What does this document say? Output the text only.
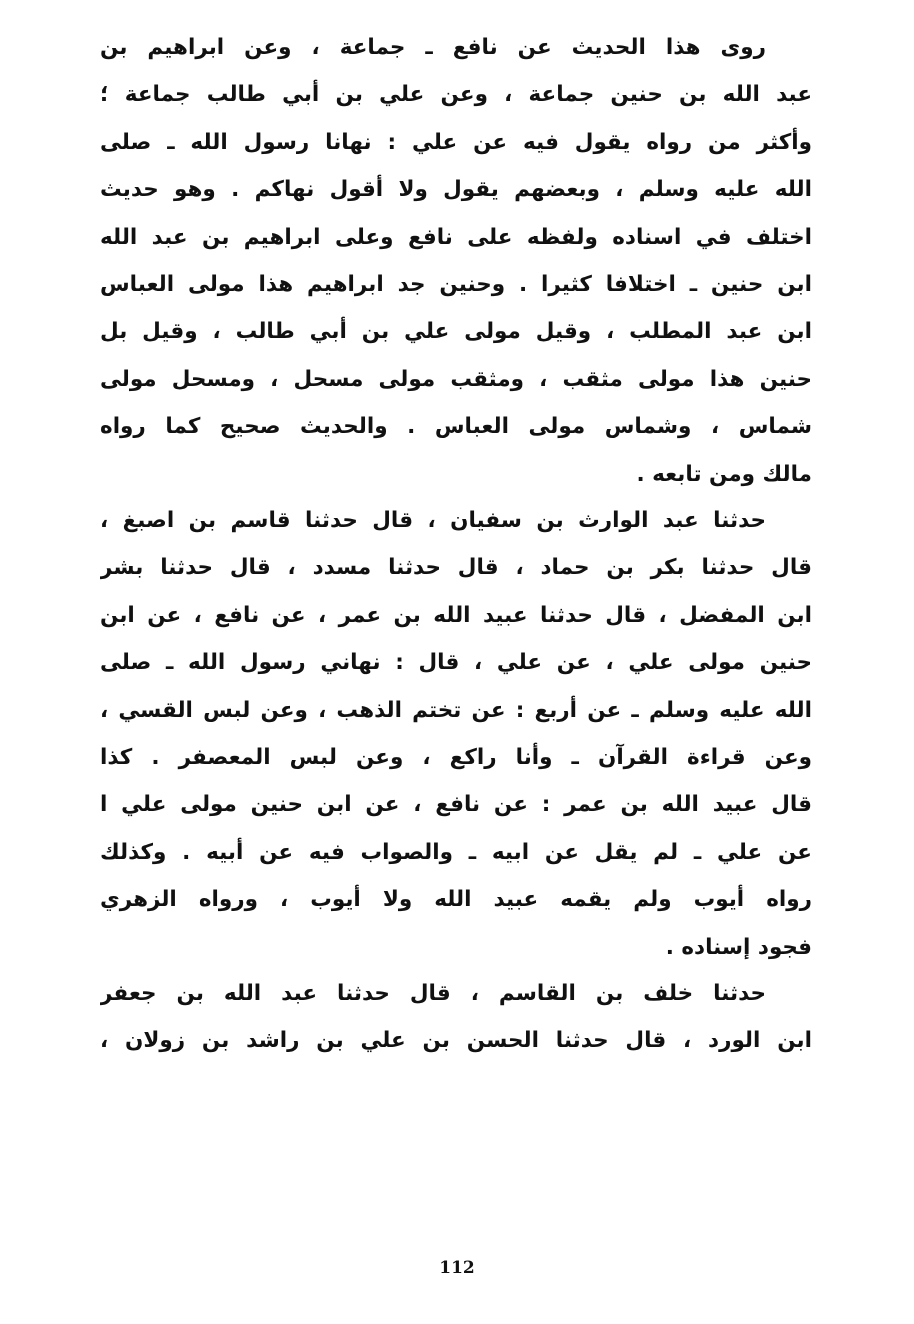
روى هذا الحديث عن نافع ـ جماعة ، وعن ابراهيم بن
عبد الله بن حنين جماعة ، وعن علي بن أبي طالب جماعة ؛
وأكثر من رواه يقول فيه عن علي : نهانا رسول الله ـ صلى
الله عليه وسلم ، وبعضهم يقول ولا أقول نهاكم . وهو حديث
اختلف في اسناده ولفظه على نافع وعلى ابراهيم بن عبد الله
ابن حنين ـ اختلافا كثيرا . وحنين جد ابراهيم هذا مولى العباس
ابن عبد المطلب ، وقيل مولى علي بن أبي طالب ، وقيل بل
حنين هذا مولى مثقب ، ومثقب مولى مسحل ، ومسحل مولى
شماس ، وشماس مولى العباس . والحديث صحيح كما رواه
مالك ومن تابعه .
حدثنا عبد الوارث بن سفيان ، قال حدثنا قاسم بن اصبغ ،
قال حدثنا بكر بن حماد ، قال حدثنا مسدد ، قال حدثنا بشر
ابن المفضل ، قال حدثنا عبيد الله بن عمر ، عن نافع ، عن ابن
حنين مولى علي ، عن علي ، قال : نهاني رسول الله ـ صلى
الله عليه وسلم ـ عن أربع : عن تختم الذهب ، وعن لبس القسي ،
وعن قراءة القرآن ـ وأنا راكع ، وعن لبس المعصفر . كذا
قال عبيد الله بن عمر : عن نافع ، عن ابن حنين مولى علي ا
عن علي ـ لم يقل عن ابيه ـ والصواب فيه عن أبيه . وكذلك
رواه أيوب ولم يقمه عبيد الله ولا أيوب ، ورواه الزهري
فجود إسناده .
حدثنا خلف بن القاسم ، قال حدثنا عبد الله بن جعفر
ابن الورد ، قال حدثنا الحسن بن علي بن راشد بن زولان ،
112
